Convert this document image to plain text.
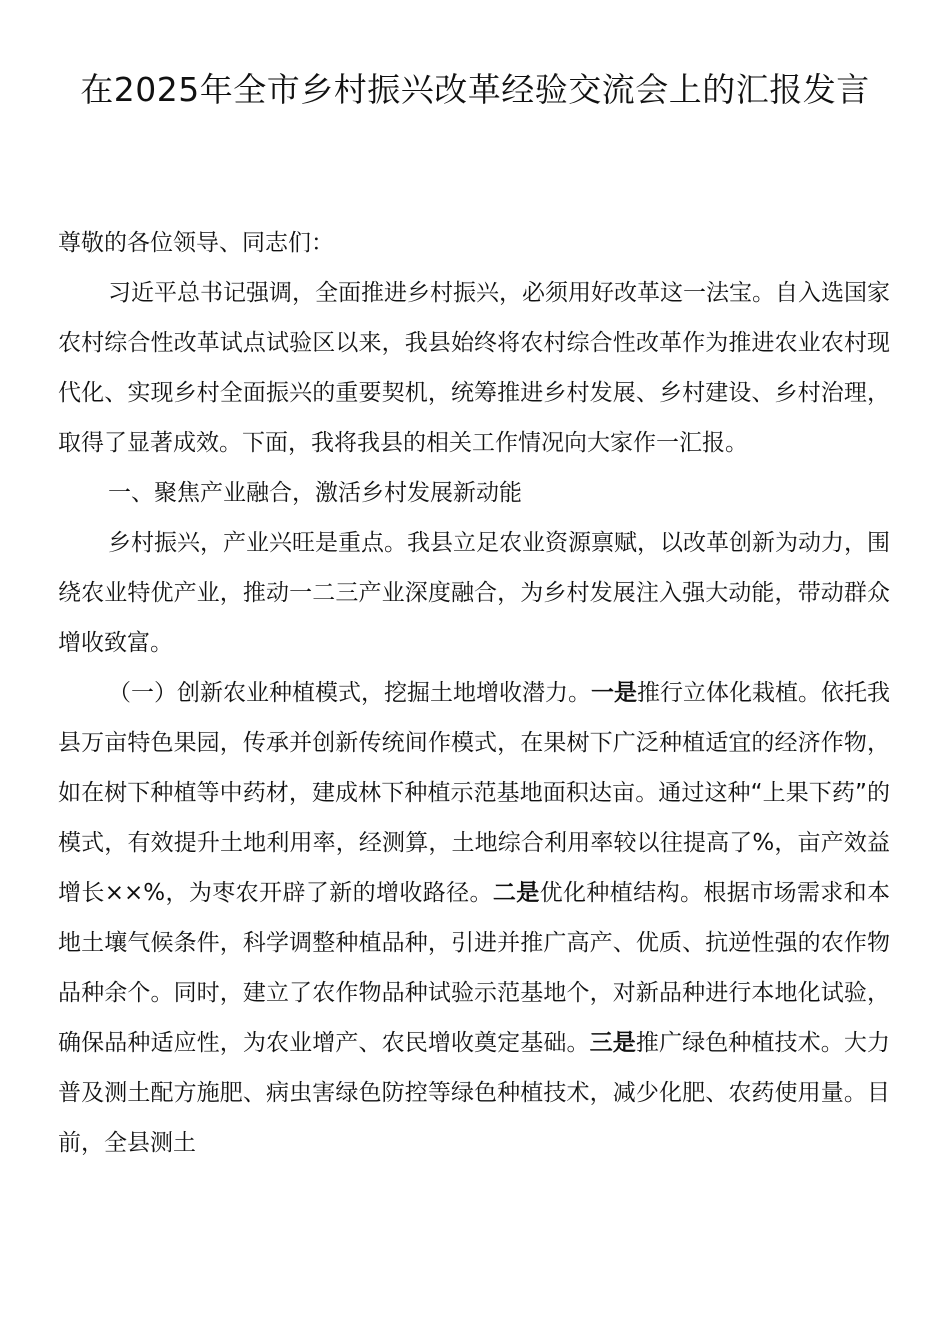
在2025年全市乡村振兴改革经验交流会上的汇报发言

尊敬的各位领导、同志们：

习近平总书记强调，全面推进乡村振兴，必须用好改革这一法宝。自入选国家农村综合性改革试点试验区以来，我县始终将农村综合性改革作为推进农业农村现代化、实现乡村全面振兴的重要契机，统筹推进乡村发展、乡村建设、乡村治理，取得了显著成效。下面，我将我县的相关工作情况向大家作一汇报。

一、聚焦产业融合，激活乡村发展新动能

乡村振兴，产业兴旺是重点。我县立足农业资源禀赋，以改革创新为动力，围绕农业特优产业，推动一二三产业深度融合，为乡村发展注入强大动能，带动群众增收致富。

（一）创新农业种植模式，挖掘土地增收潜力。一是推行立体化栽植。依托我县万亩特色果园，传承并创新传统间作模式，在果树下广泛种植适宜的经济作物，如在树下种植等中药材，建成林下种植示范基地面积达亩。通过这种“上果下药”的模式，有效提升土地利用率，经测算，土地综合利用率较以往提高了%，亩产效益增长××%，为枣农开辟了新的增收路径。二是优化种植结构。根据市场需求和本地土壤气候条件，科学调整种植品种，引进并推广高产、优质、抗逆性强的农作物品种余个。同时，建立了农作物品种试验示范基地个，对新品种进行本地化试验，确保品种适应性，为农业增产、农民增收奠定基础。三是推广绿色种植技术。大力普及测土配方施肥、病虫害绿色防控等绿色种植技术，减少化肥、农药使用量。目前，全县测土
